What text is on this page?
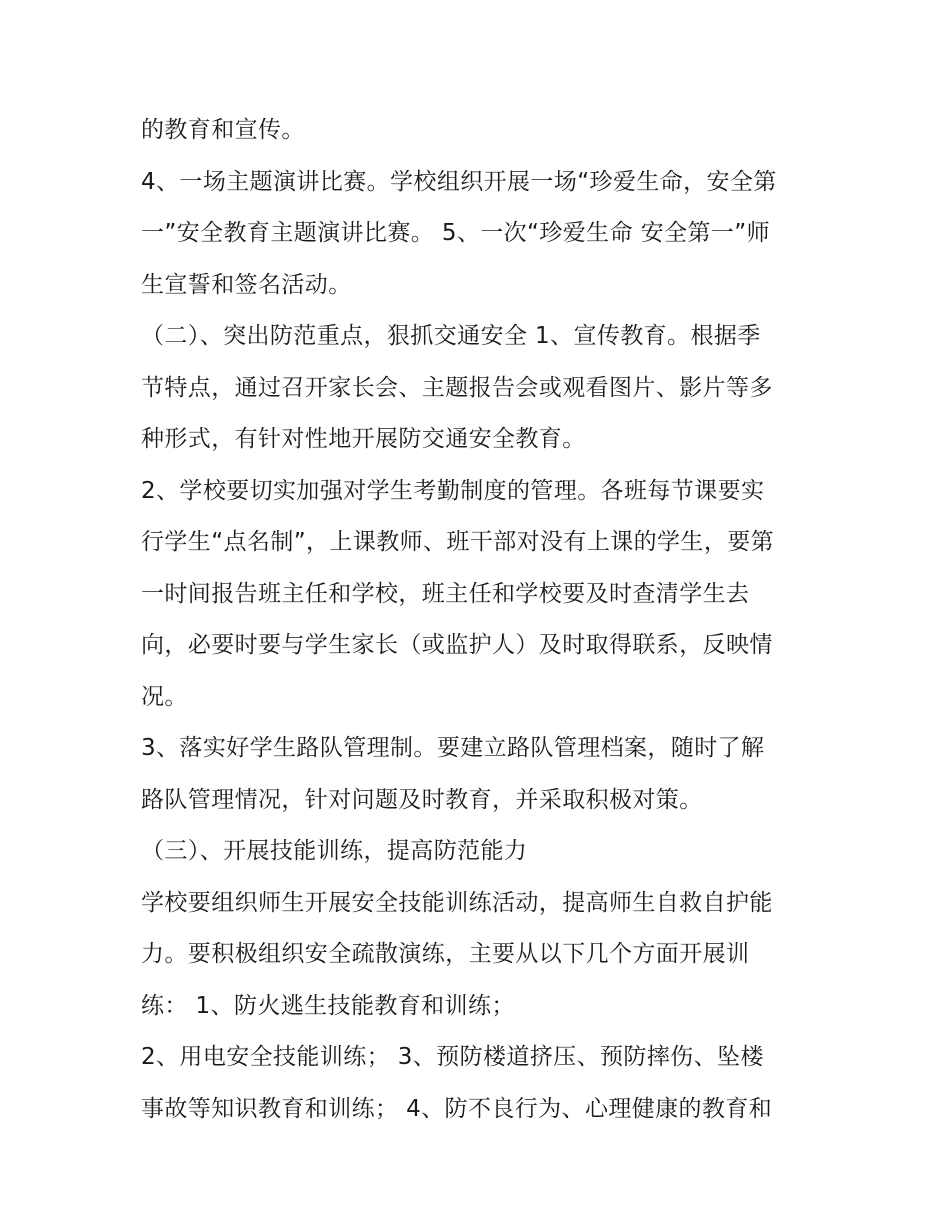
的教育和宣传。
4、一场主题演讲比赛。学校组织开展一场“珍爱生命，安全第
一”安全教育主题演讲比赛。 5、一次“珍爱生命 安全第一”师
生宣誓和签名活动。
（二）、突出防范重点，狠抓交通安全 1、宣传教育。根据季
节特点，通过召开家长会、主题报告会或观看图片、影片等多
种形式，有针对性地开展防交通安全教育。
2、学校要切实加强对学生考勤制度的管理。各班每节课要实
行学生“点名制”，上课教师、班干部对没有上课的学生，要第
一时间报告班主任和学校，班主任和学校要及时查清学生去
向，必要时要与学生家长（或监护人）及时取得联系，反映情
况。
3、落实好学生路队管理制。要建立路队管理档案，随时了解
路队管理情况，针对问题及时教育，并采取积极对策。
（三）、开展技能训练，提高防范能力
学校要组织师生开展安全技能训练活动，提高师生自救自护能
力。要积极组织安全疏散演练，主要从以下几个方面开展训
练： 1、防火逃生技能教育和训练；
2、用电安全技能训练； 3、预防楼道挤压、预防摔伤、坠楼
事故等知识教育和训练； 4、防不良行为、心理健康的教育和
